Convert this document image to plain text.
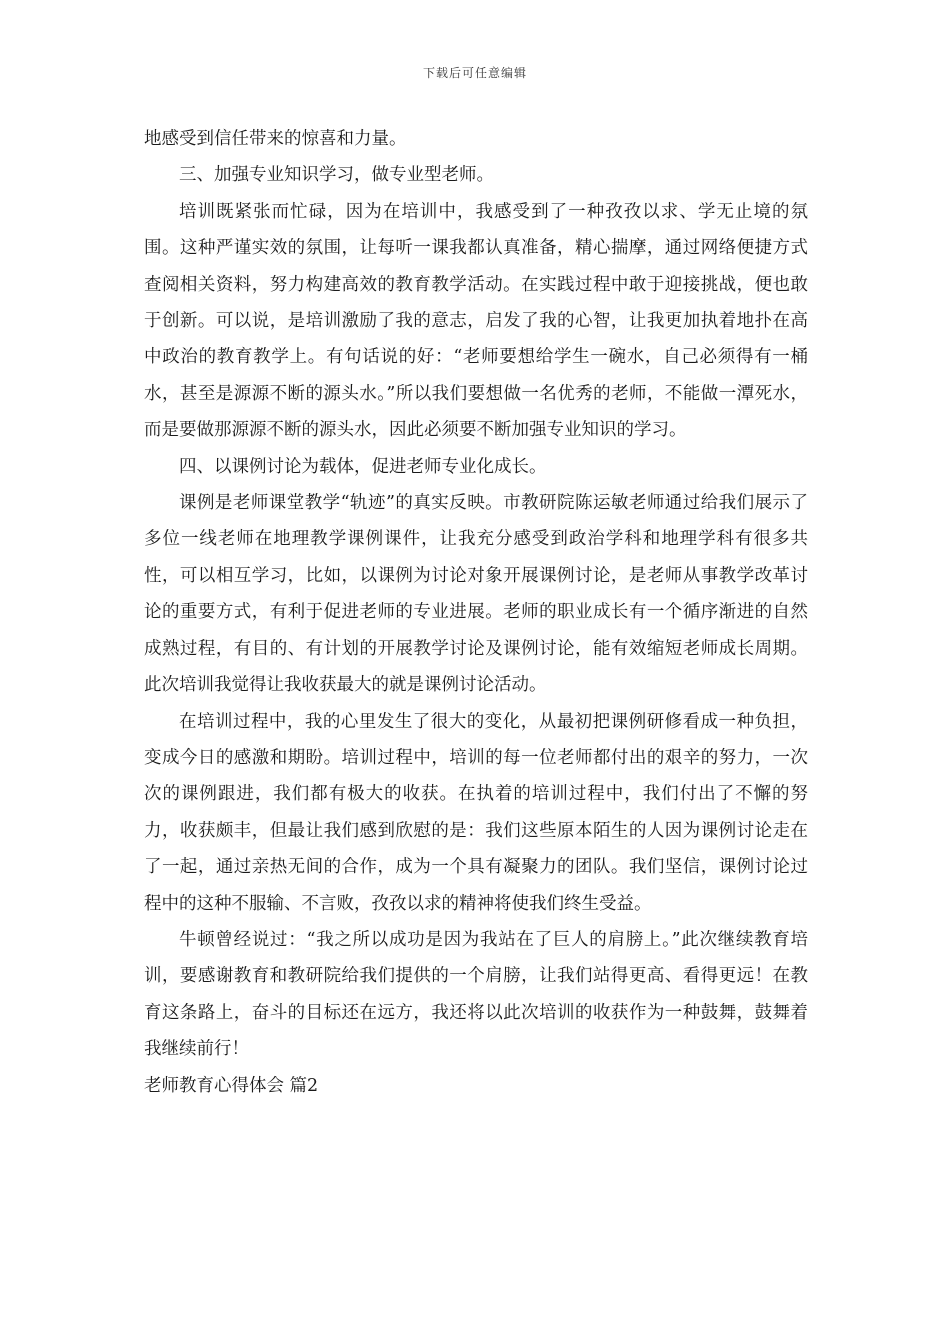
下载后可任意编辑

地感受到信任带来的惊喜和力量。

三、加强专业知识学习，做专业型老师。

培训既紧张而忙碌，因为在培训中，我感受到了一种孜孜以求、学无止境的氛围。这种严谨实效的氛围，让每听一课我都认真准备，精心揣摩，通过网络便捷方式查阅相关资料，努力构建高效的教育教学活动。在实践过程中敢于迎接挑战，便也敢于创新。可以说，是培训激励了我的意志，启发了我的心智，让我更加执着地扑在高中政治的教育教学上。有句话说的好：“老师要想给学生一碗水，自己必须得有一桶水，甚至是源源不断的源头水。”所以我们要想做一名优秀的老师，不能做一潭死水，而是要做那源源不断的源头水，因此必须要不断加强专业知识的学习。

四、以课例讨论为载体，促进老师专业化成长。

课例是老师课堂教学“轨迹”的真实反映。市教研院陈运敏老师通过给我们展示了多位一线老师在地理教学课例课件，让我充分感受到政治学科和地理学科有很多共性，可以相互学习，比如，以课例为讨论对象开展课例讨论，是老师从事教学改革讨论的重要方式，有利于促进老师的专业进展。老师的职业成长有一个循序渐进的自然成熟过程，有目的、有计划的开展教学讨论及课例讨论，能有效缩短老师成长周期。此次培训我觉得让我收获最大的就是课例讨论活动。

在培训过程中，我的心里发生了很大的变化，从最初把课例研修看成一种负担，变成今日的感激和期盼。培训过程中，培训的每一位老师都付出的艰辛的努力，一次次的课例跟进，我们都有极大的收获。在执着的培训过程中，我们付出了不懈的努力，收获颇丰，但最让我们感到欣慰的是：我们这些原本陌生的人因为课例讨论走在了一起，通过亲热无间的合作，成为一个具有凝聚力的团队。我们坚信，课例讨论过程中的这种不服输、不言败，孜孜以求的精神将使我们终生受益。

牛顿曾经说过：“我之所以成功是因为我站在了巨人的肩膀上。”此次继续教育培训，要感谢教育和教研院给我们提供的一个肩膀，让我们站得更高、看得更远！在教育这条路上，奋斗的目标还在远方，我还将以此次培训的收获作为一种鼓舞，鼓舞着我继续前行！

老师教育心得体会 篇2
